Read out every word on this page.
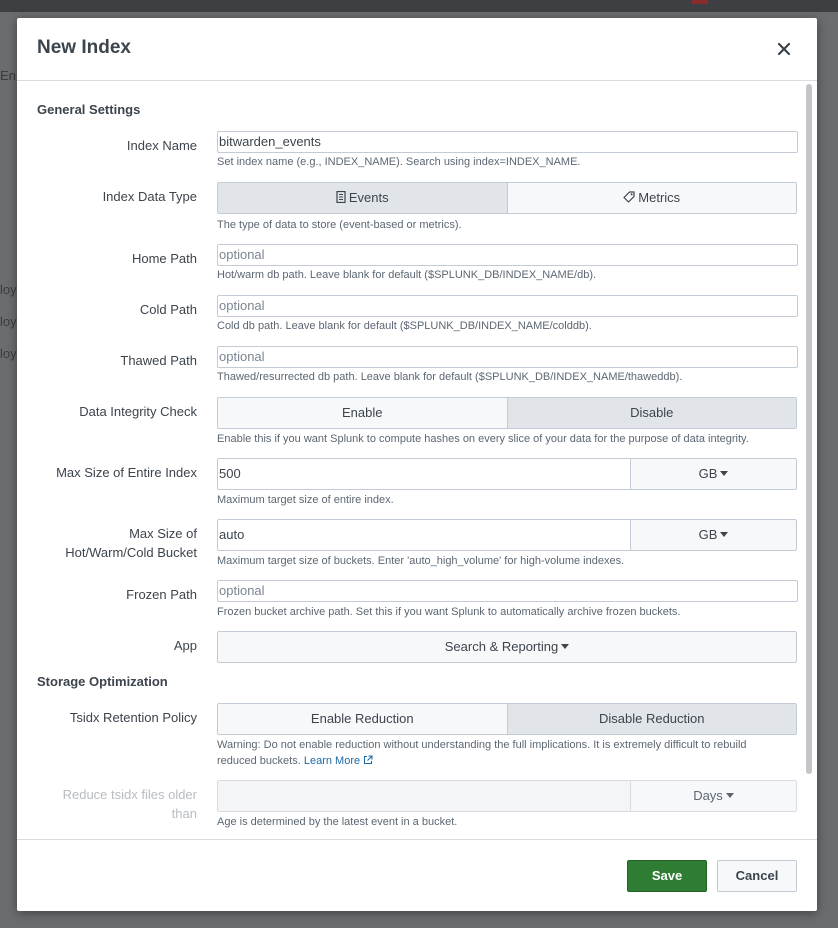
En
loy
loy
loy
New Index
General Settings
Index Name bitwarden_events
Set index name (e.g., INDEX_NAME). Search using index=INDEX_NAME.
Index Data Type	Events	Metrics
The type of data to store (event-based or metrics).
Home Path optional
Hot/warm db path. Leave blank for default ($SPLUNK_DB/INDEX_NAME/db).
Cold Path optional
Cold db path. Leave blank for default ($SPLUNK_DB/INDEX_NAME/colddb).
Thawed Path optional
Thawed/resurrected db path. Leave blank for default ($SPLUNK_DB/INDEX_NAME/thaweddb).
Data Integrity Check	Enable	Disable
Enable this if you want Splunk to compute hashes on every slice of your data for the purpose of data integrity.
Max Size of Entire Index 500	GB
Maximum target size of entire index.
Max Size of
Hot/Warm/Cold Bucket
auto	GB
Maximum target size of buckets. Enter 'auto_high_volume' for high-volume indexes.
Frozen Path optional
Frozen bucket archive path. Set this if you want Splunk to automatically archive frozen buckets.
App	Search & Reporting
Storage Optimization
Tsidx Retention Policy	Enable Reduction	Disable Reduction
Warning: Do not enable reduction without understanding the full implications. It is extremely difficult to rebuild
reduced buckets. Learn More
Reduce tsidx files older
than
Days
Age is determined by the latest event in a bucket.
Save	Cancel
